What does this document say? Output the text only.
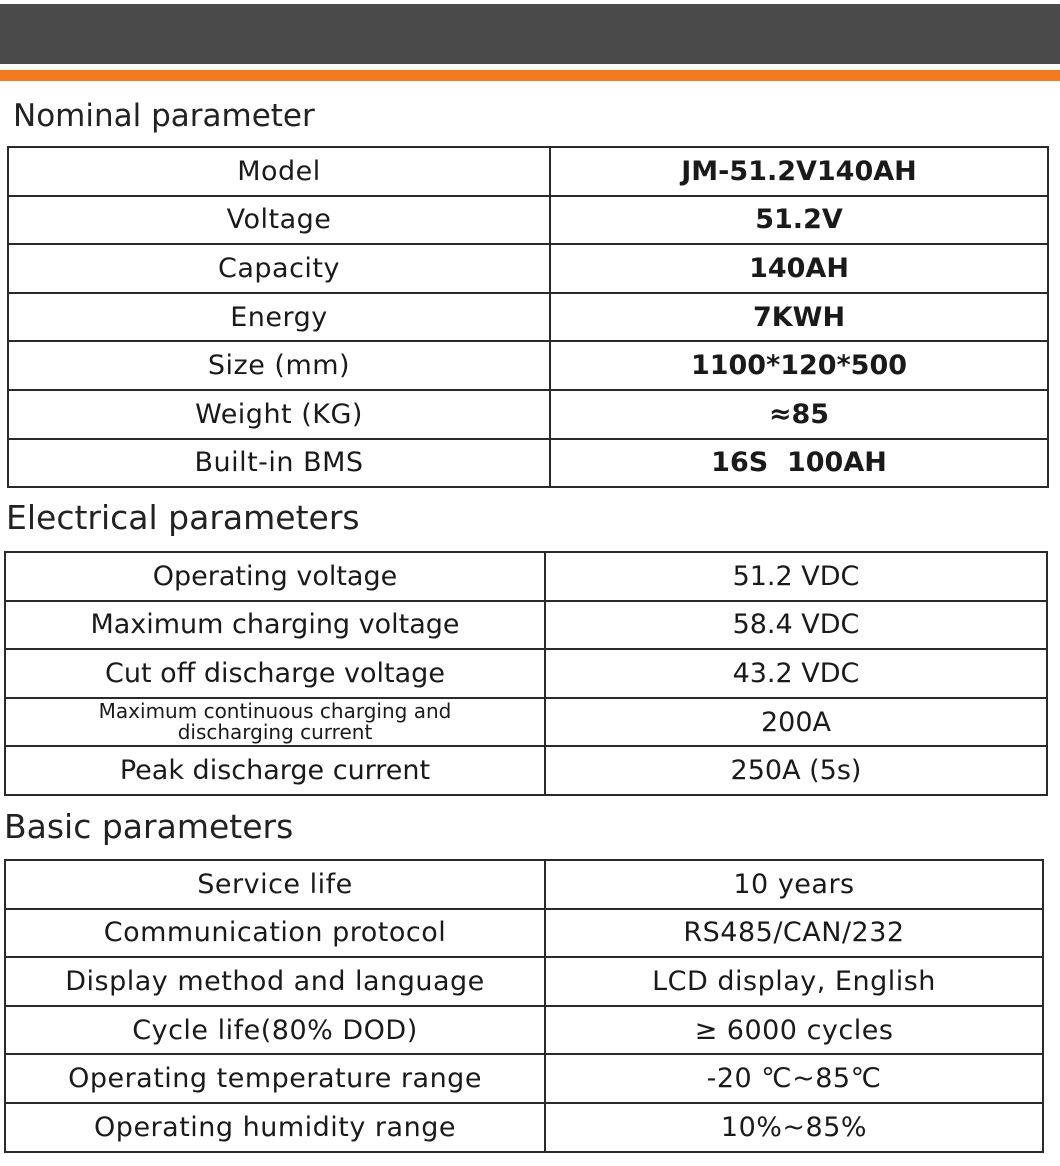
Nominal parameter
Model	JM-51.2V140AH
Voltage	51.2V
Capacity	140AH
Energy	7KWH
Size (mm)	1100*120*500
Weight (KG)	≈85
Built-in BMS	16S  100AH
Electrical parameters
Operating voltage	51.2 VDC
Maximum charging voltage	58.4 VDC
Cut off discharge voltage	43.2 VDC
Maximum continuous charging and discharging current	200A
Peak discharge current	250A (5s)
Basic parameters
Service life	10 years
Communication protocol	RS485/CAN/232
Display method and language	LCD display, English
Cycle life(80% DOD)	≥ 6000 cycles
Operating temperature range	-20 ℃~85℃
Operating humidity range	10%~85%
